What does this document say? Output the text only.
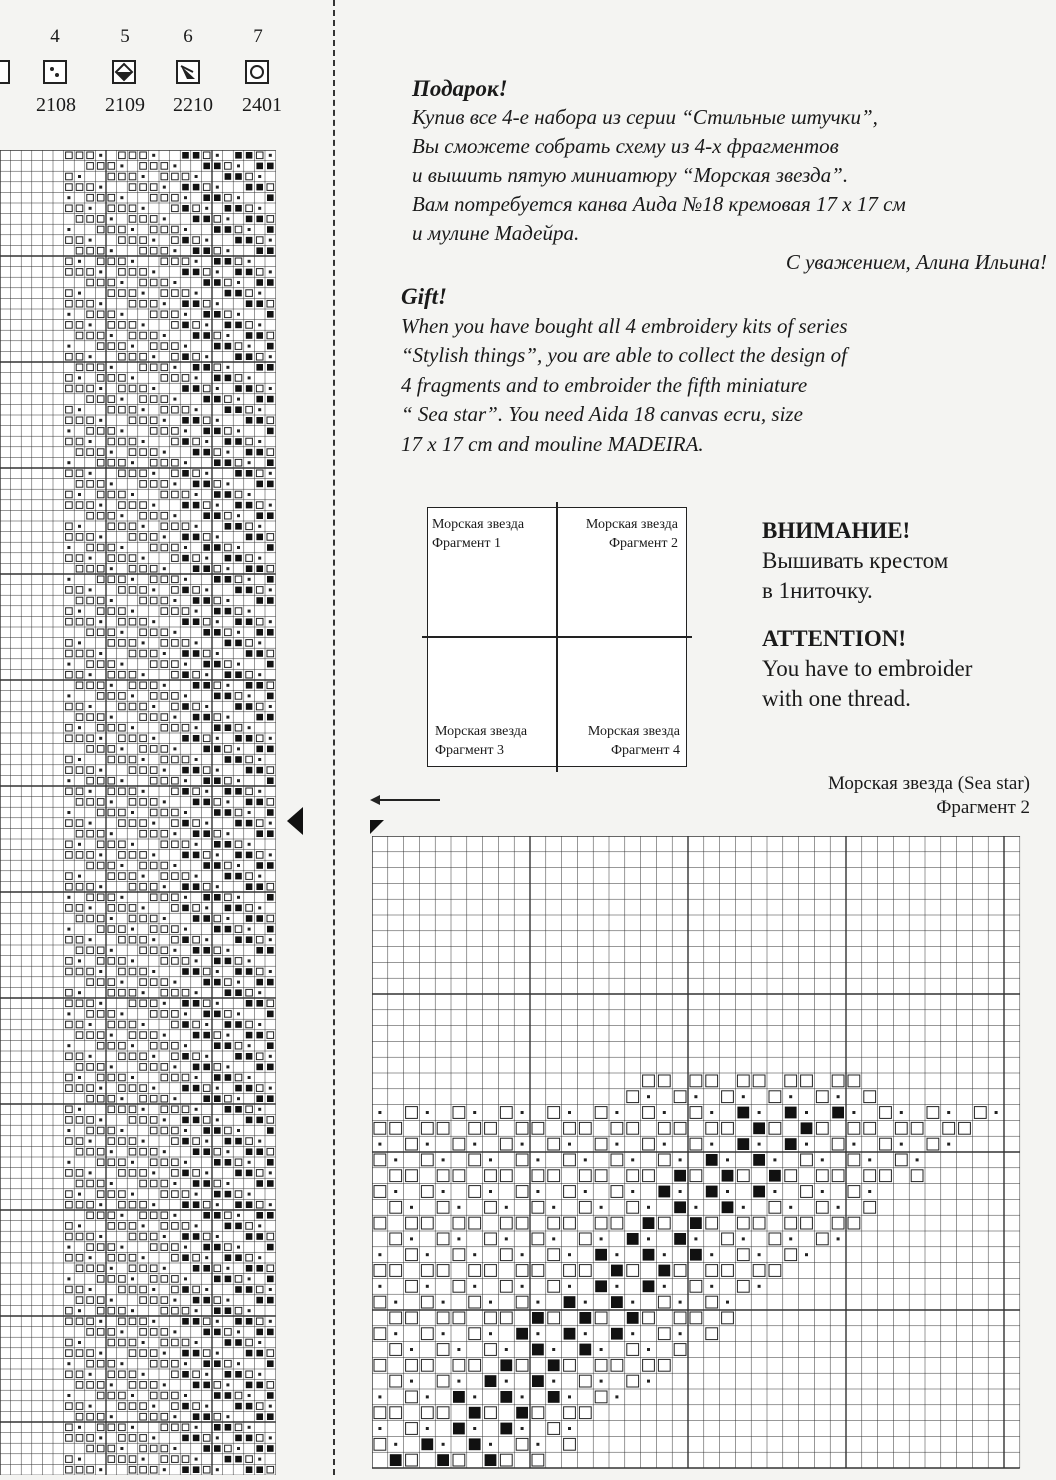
4	5	6	7
2108	2109	2210	2401
Подарок!
Купив все 4-е набора из серии “Стильные штучки”,
Вы сможете собрать схему из 4-х фрагментов
и вышить пятую миниатюру “Морская звезда”.
Вам потребуется канва Аида №18 кремовая 17 х 17 см
и мулине Мадейра.
С уважением, Алина Ильина!
Gift!
When you have bought all 4 embroidery kits of series
“Stylish things”, you are able to collect the design of
4 fragments and to embroider the fifth miniature
“ Sea star”. You need Aida 18 canvas ecru, size
17 x 17 cm and mouline MADEIRA.
Морская звезда
Фрагмент 1
Морская звезда
Фрагмент 2
Морская звезда
Фрагмент 3
Морская звезда
Фрагмент 4
ВНИМАНИЕ!
Вышивать крестом
в 1ниточку.
ATTENTION!
You have to embroider
with one thread.
Морская звезда (Sea star)
Фрагмент 2
